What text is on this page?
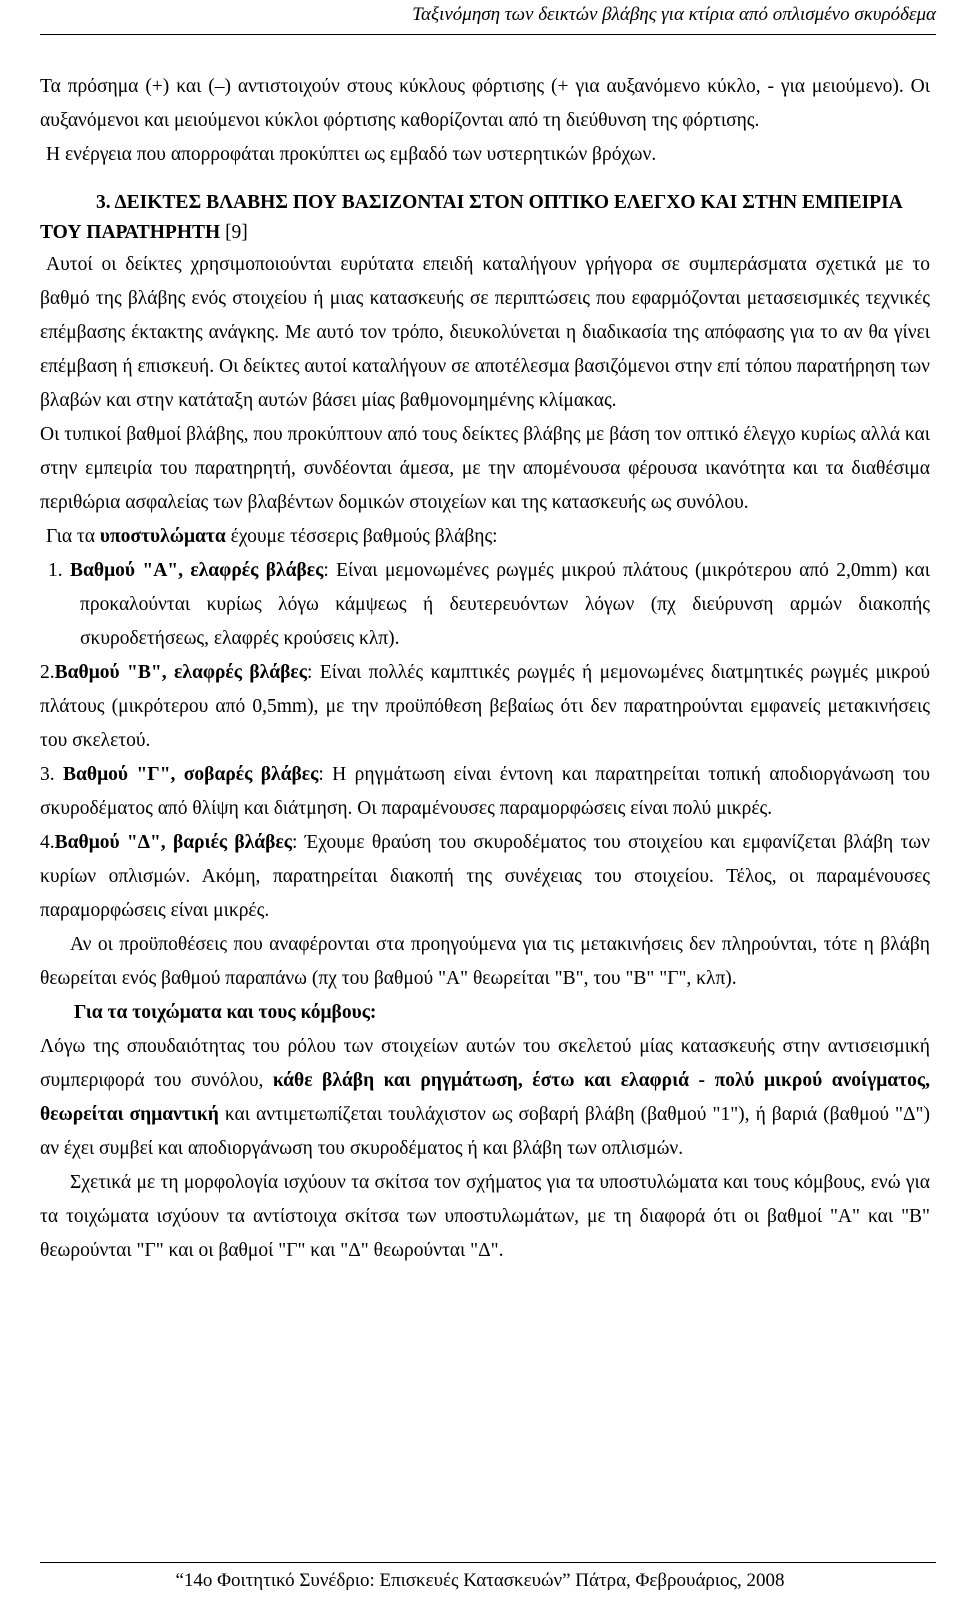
Ταξινόμηση των δεικτών βλάβης για κτίρια από οπλισμένο σκυρόδεμα

Τα πρόσημα (+) και (–) αντιστοιχούν στους κύκλους φόρτισης (+ για αυξανόμενο κύκλο, - για μειούμενο). Οι αυξανόμενοι και μειούμενοι κύκλοι φόρτισης καθορίζονται από τη διεύθυνση της φόρτισης.

Η ενέργεια που απορροφάται προκύπτει ως εμβαδό των υστερητικών βρόχων.

3. ΔΕΙΚΤΕΣ ΒΛΑΒΗΣ ΠΟΥ ΒΑΣΙΖΟΝΤΑΙ ΣΤΟΝ ΟΠΤΙΚΟ ΕΛΕΓΧΟ ΚΑΙ ΣΤΗΝ ΕΜΠΕΙΡΙΑ ΤΟΥ ΠΑΡΑΤΗΡΗΤΗ [9]

Αυτοί οι δείκτες χρησιμοποιούνται ευρύτατα επειδή καταλήγουν γρήγορα σε συμπεράσματα σχετικά με το βαθμό της βλάβης ενός στοιχείου ή μιας κατασκευής σε περιπτώσεις που εφαρμόζονται μετασεισμικές τεχνικές επέμβασης έκτακτης ανάγκης. Με αυτό τον τρόπο, διευκολύνεται η διαδικασία της απόφασης για το αν θα γίνει επέμβαση ή επισκευή. Οι δείκτες αυτοί καταλήγουν σε αποτέλεσμα βασιζόμενοι στην επί τόπου παρατήρηση των βλαβών και στην κατάταξη αυτών βάσει μίας βαθμονομημένης κλίμακας.

Οι τυπικοί βαθμοί βλάβης, που προκύπτουν από τους δείκτες βλάβης με βάση τον οπτικό έλεγχο κυρίως αλλά και στην εμπειρία του παρατηρητή, συνδέονται άμεσα, με την απομένουσα φέρουσα ικανότητα και τα διαθέσιμα περιθώρια ασφαλείας των βλαβέντων δομικών στοιχείων και της κατασκευής ως συνόλου.

Για τα υποστυλώματα έχουμε τέσσερις βαθμούς βλάβης:

1. Βαθμού "Α", ελαφρές βλάβες: Είναι μεμονωμένες ρωγμές μικρού πλάτους (μικρότερου από 2,0mm) και προκαλούνται κυρίως λόγω κάμψεως ή δευτερευόντων λόγων (πχ διεύρυνση αρμών διακοπής σκυροδετήσεως, ελαφρές κρούσεις κλπ).

2.Βαθμού "Β", ελαφρές βλάβες: Είναι πολλές καμπτικές ρωγμές ή μεμονωμένες διατμητικές ρωγμές μικρού πλάτους (μικρότερου από 0,5mm), με την προϋπόθεση βεβαίως ότι δεν παρατηρούνται εμφανείς μετακινήσεις του σκελετού.

3. Βαθμού "Γ", σοβαρές βλάβες: Η ρηγμάτωση είναι έντονη και παρατηρείται τοπική αποδιοργάνωση του σκυροδέματος από θλίψη και διάτμηση. Οι παραμένουσες παραμορφώσεις είναι πολύ μικρές.

4.Βαθμού "Δ", βαριές βλάβες: Έχουμε θραύση του σκυροδέματος του στοιχείου και εμφανίζεται βλάβη των κυρίων οπλισμών. Ακόμη, παρατηρείται διακοπή της συνέχειας του στοιχείου. Τέλος, οι παραμένουσες παραμορφώσεις είναι μικρές.

Αν οι προϋποθέσεις που αναφέρονται στα προηγούμενα για τις μετακινήσεις δεν πληρούνται, τότε η βλάβη θεωρείται ενός βαθμού παραπάνω (πχ του βαθμού "Α" θεωρείται "Β", του "Β" "Γ", κλπ).

Για τα τοιχώματα και τους κόμβους:

Λόγω της σπουδαιότητας του ρόλου των στοιχείων αυτών του σκελετού μίας κατασκευής στην αντισεισμική συμπεριφορά του συνόλου, κάθε βλάβη και ρηγμάτωση, έστω και ελαφριά - πολύ μικρού ανοίγματος, θεωρείται σημαντική και αντιμετωπίζεται τουλάχιστον ως σοβαρή βλάβη (βαθμού "1"), ή βαριά (βαθμού "Δ") αν έχει συμβεί και αποδιοργάνωση του σκυροδέματος ή και βλάβη των οπλισμών.

Σχετικά με τη μορφολογία ισχύουν τα σκίτσα τον σχήματος για τα υποστυλώματα και τους κόμβους, ενώ για τα τοιχώματα ισχύουν τα αντίστοιχα σκίτσα των υποστυλωμάτων, με τη διαφορά ότι οι βαθμοί "Α" και "Β" θεωρούνται "Γ" και οι βαθμοί "Γ" και "Δ" θεωρούνται "Δ".

“14ο Φοιτητικό Συνέδριο: Επισκευές Κατασκευών” Πάτρα, Φεβρουάριος, 2008
